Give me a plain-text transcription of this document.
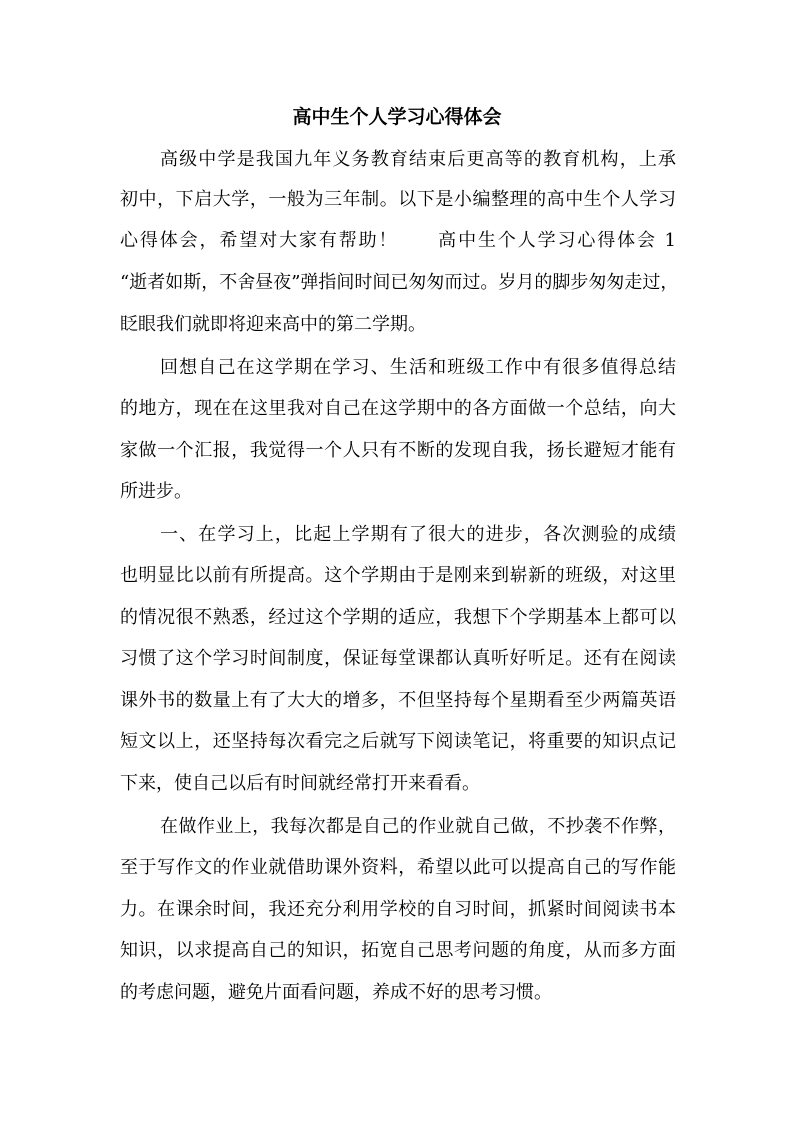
高中生个人学习心得体会
高级中学是我国九年义务教育结束后更高等的教育机构，上承
初中，下启大学，一般为三年制。以下是小编整理的高中生个人学习
心得体会，希望对大家有帮助！　　高中生个人学习心得体会 1
“逝者如斯，不舍昼夜”弹指间时间已匆匆而过。岁月的脚步匆匆走过，
眨眼我们就即将迎来高中的第二学期。
回想自己在这学期在学习、生活和班级工作中有很多值得总结
的地方，现在在这里我对自己在这学期中的各方面做一个总结，向大
家做一个汇报，我觉得一个人只有不断的发现自我，扬长避短才能有
所进步。
一、在学习上，比起上学期有了很大的进步，各次测验的成绩
也明显比以前有所提高。这个学期由于是刚来到崭新的班级，对这里
的情况很不熟悉，经过这个学期的适应，我想下个学期基本上都可以
习惯了这个学习时间制度，保证每堂课都认真听好听足。还有在阅读
课外书的数量上有了大大的增多，不但坚持每个星期看至少两篇英语
短文以上，还坚持每次看完之后就写下阅读笔记，将重要的知识点记
下来，使自己以后有时间就经常打开来看看。
在做作业上，我每次都是自己的作业就自己做，不抄袭不作弊，
至于写作文的作业就借助课外资料，希望以此可以提高自己的写作能
力。在课余时间，我还充分利用学校的自习时间，抓紧时间阅读书本
知识，以求提高自己的知识，拓宽自己思考问题的角度，从而多方面
的考虑问题，避免片面看问题，养成不好的思考习惯。
